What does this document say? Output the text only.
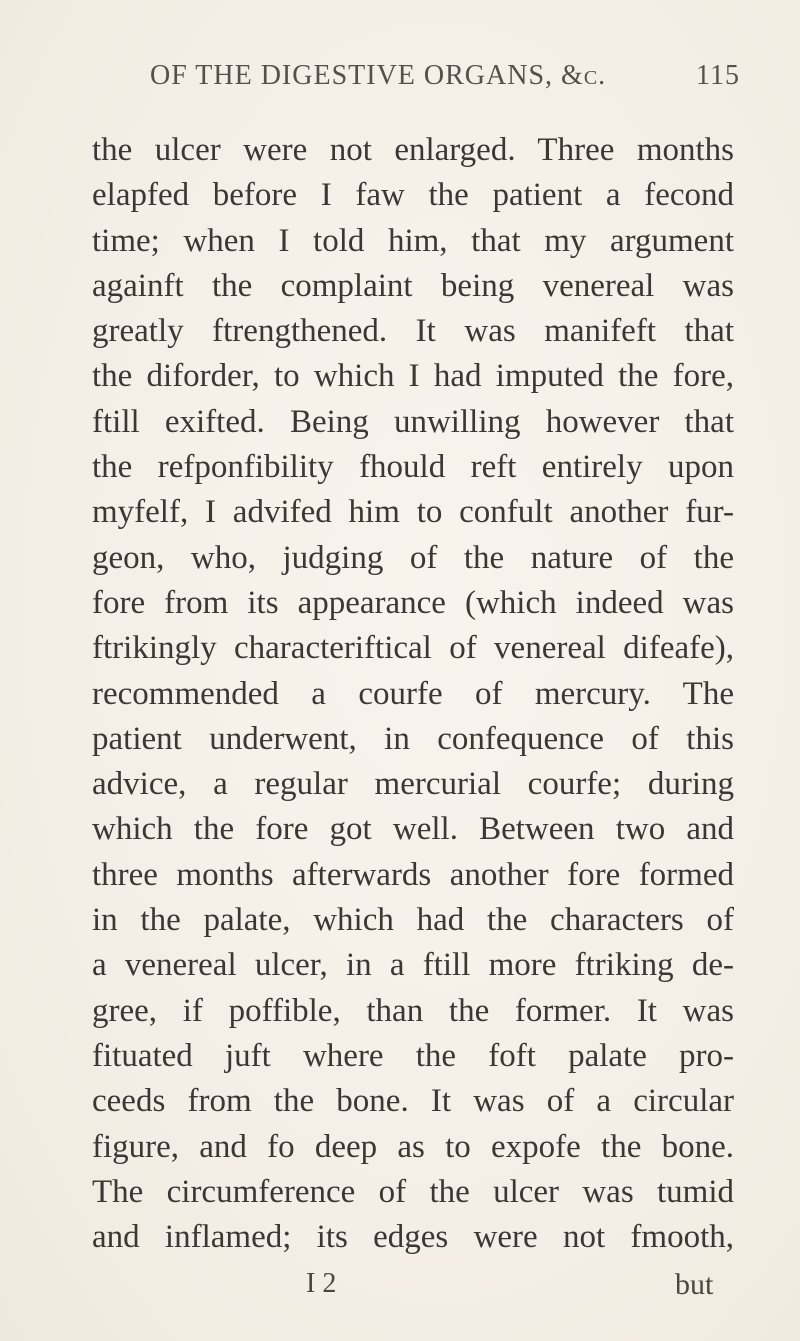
OF THE DIGESTIVE ORGANS, &c.	115
the ulcer were not enlarged. Three months
elapfed before I faw the patient a fecond
time; when I told him, that my argument
againft the complaint being venereal was
greatly ftrengthened. It was manifeft that
the diforder, to which I had imputed the fore,
ftill exifted. Being unwilling however that
the refponfibility fhould reft entirely upon
myfelf, I advifed him to confult another fur-
geon, who, judging of the nature of the
fore from its appearance (which indeed was
ftrikingly characteriftical of venereal difeafe),
recommended a courfe of mercury. The
patient underwent, in confequence of this
advice, a regular mercurial courfe; during
which the fore got well. Between two and
three months afterwards another fore formed
in the palate, which had the characters of
a venereal ulcer, in a ftill more ftriking de-
gree, if poffible, than the former. It was
fituated juft where the foft palate pro-
ceeds from the bone. It was of a circular
figure, and fo deep as to expofe the bone.
The circumference of the ulcer was tumid
and inflamed; its edges were not fmooth,
I 2	but
